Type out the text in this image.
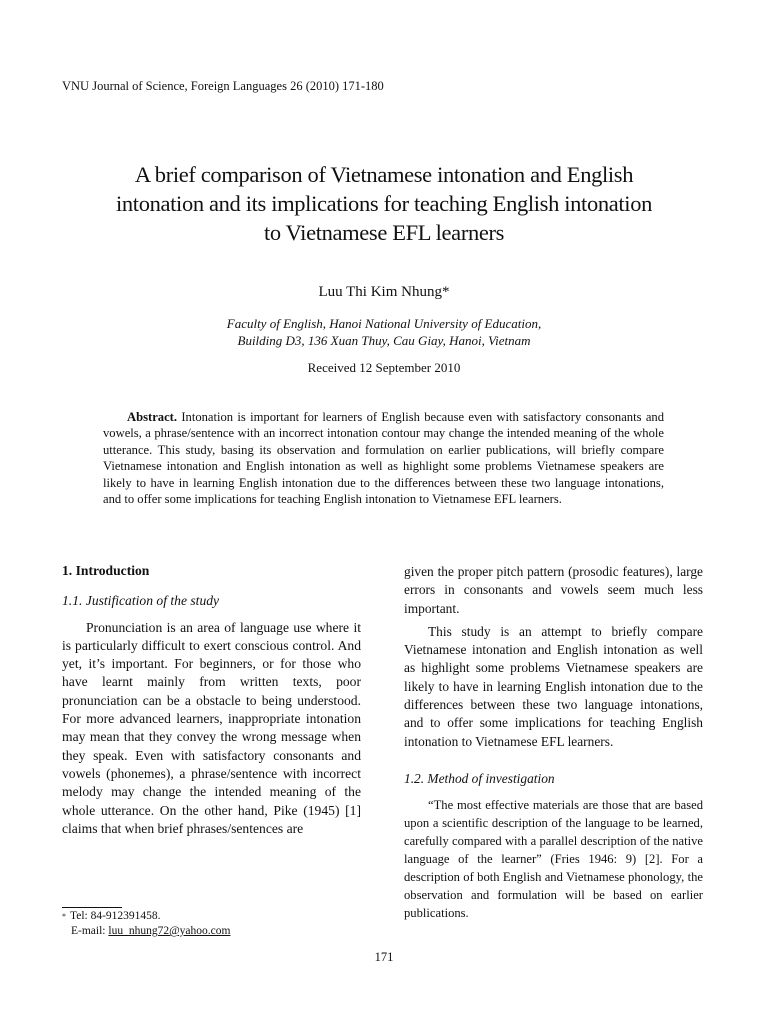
VNU Journal of Science, Foreign Languages 26 (2010) 171-180
A brief comparison of Vietnamese intonation and English
intonation and its implications for teaching English intonation
to Vietnamese EFL learners
Luu Thi Kim Nhung*
Faculty of English, Hanoi National University of Education,
Building D3, 136 Xuan Thuy, Cau Giay, Hanoi, Vietnam
Received 12 September 2010

Abstract. Intonation is important for learners of English because even with satisfactory consonants and vowels, a phrase/sentence with an incorrect intonation contour may change the intended meaning of the whole utterance. This study, basing its observation and formulation on earlier publications, will briefly compare Vietnamese intonation and English intonation as well as highlight some problems Vietnamese speakers are likely to have in learning English intonation due to the differences between these two language intonations, and to offer some implications for teaching English intonation to Vietnamese EFL learners.

1. Introduction
1.1. Justification of the study

Pronunciation is an area of language use where it is particularly difficult to exert conscious control. And yet, it’s important. For beginners, or for those who have learnt mainly from written texts, poor pronunciation can be a obstacle to being understood. For more advanced learners, inappropriate intonation may mean that they convey the wrong message when they speak. Even with satisfactory consonants and vowels (phonemes), a phrase/sentence with incorrect melody may change the intended meaning of the whole utterance. On the other hand, Pike (1945) [1] claims that when brief phrases/sentences are

given the proper pitch pattern (prosodic features), large errors in consonants and vowels seem much less important.

This study is an attempt to briefly compare Vietnamese intonation and English intonation as well as highlight some problems Vietnamese speakers are likely to have in learning English intonation due to the differences between these two language intonations, and to offer some implications for teaching English intonation to Vietnamese EFL learners.

1.2. Method of investigation

“The most effective materials are those that are based upon a scientific description of the language to be learned, carefully compared with a parallel description of the native language of the learner” (Fries 1946: 9) [2]. For a description of both English and Vietnamese phonology, the observation and formulation will be based on earlier publications.

* Tel: 84-912391458.
E-mail: luu_nhung72@yahoo.com
171
